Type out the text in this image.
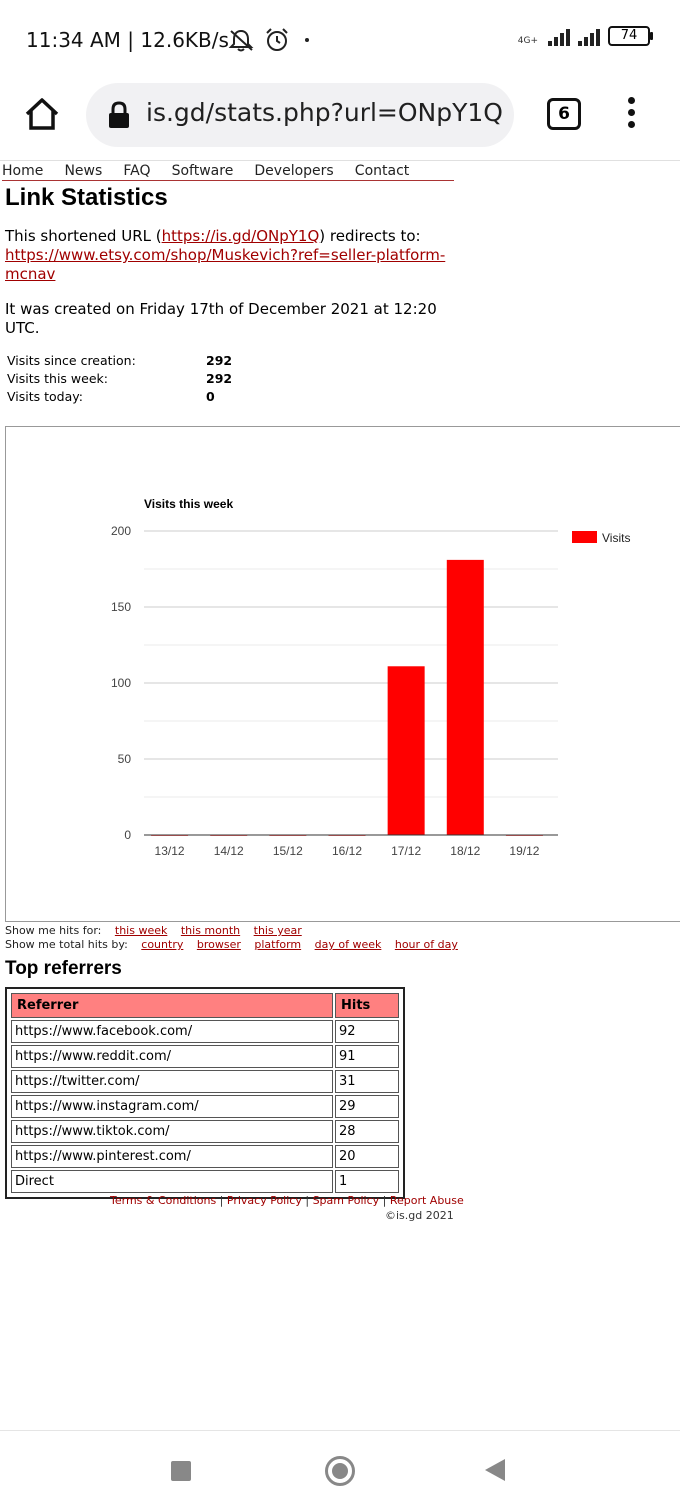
11:34 AM | 12.6KB/s	4G+	74
is.gd/stats.php?url=ONpY1Q	6
Home News FAQ Software Developers Contact
Link Statistics
This shortened URL (https://is.gd/ONpY1Q) redirects to:
https://www.etsy.com/shop/Muskevich?ref=seller-platform-mcnav
It was created on Friday 17th of December 2021 at 12:20 UTC.
Visits since creation:	292
Visits this week:	292
Visits today:	0
0
50
100
150
200
Visits this week
13/12 14/12 15/12 16/12 17/12 18/12 19/12
Visits
Show me hits for: this week this month this year
Show me total hits by: country browser platform day of week hour of day
Top referrers
Referrer	Hits
https://www.facebook.com/	92
https://www.reddit.com/	91
https://twitter.com/	31
https://www.instagram.com/	29
https://www.tiktok.com/	28
https://www.pinterest.com/	20
Direct	1
Terms & Conditions | Privacy Policy | Spam Policy | Report Abuse
©is.gd 2021
